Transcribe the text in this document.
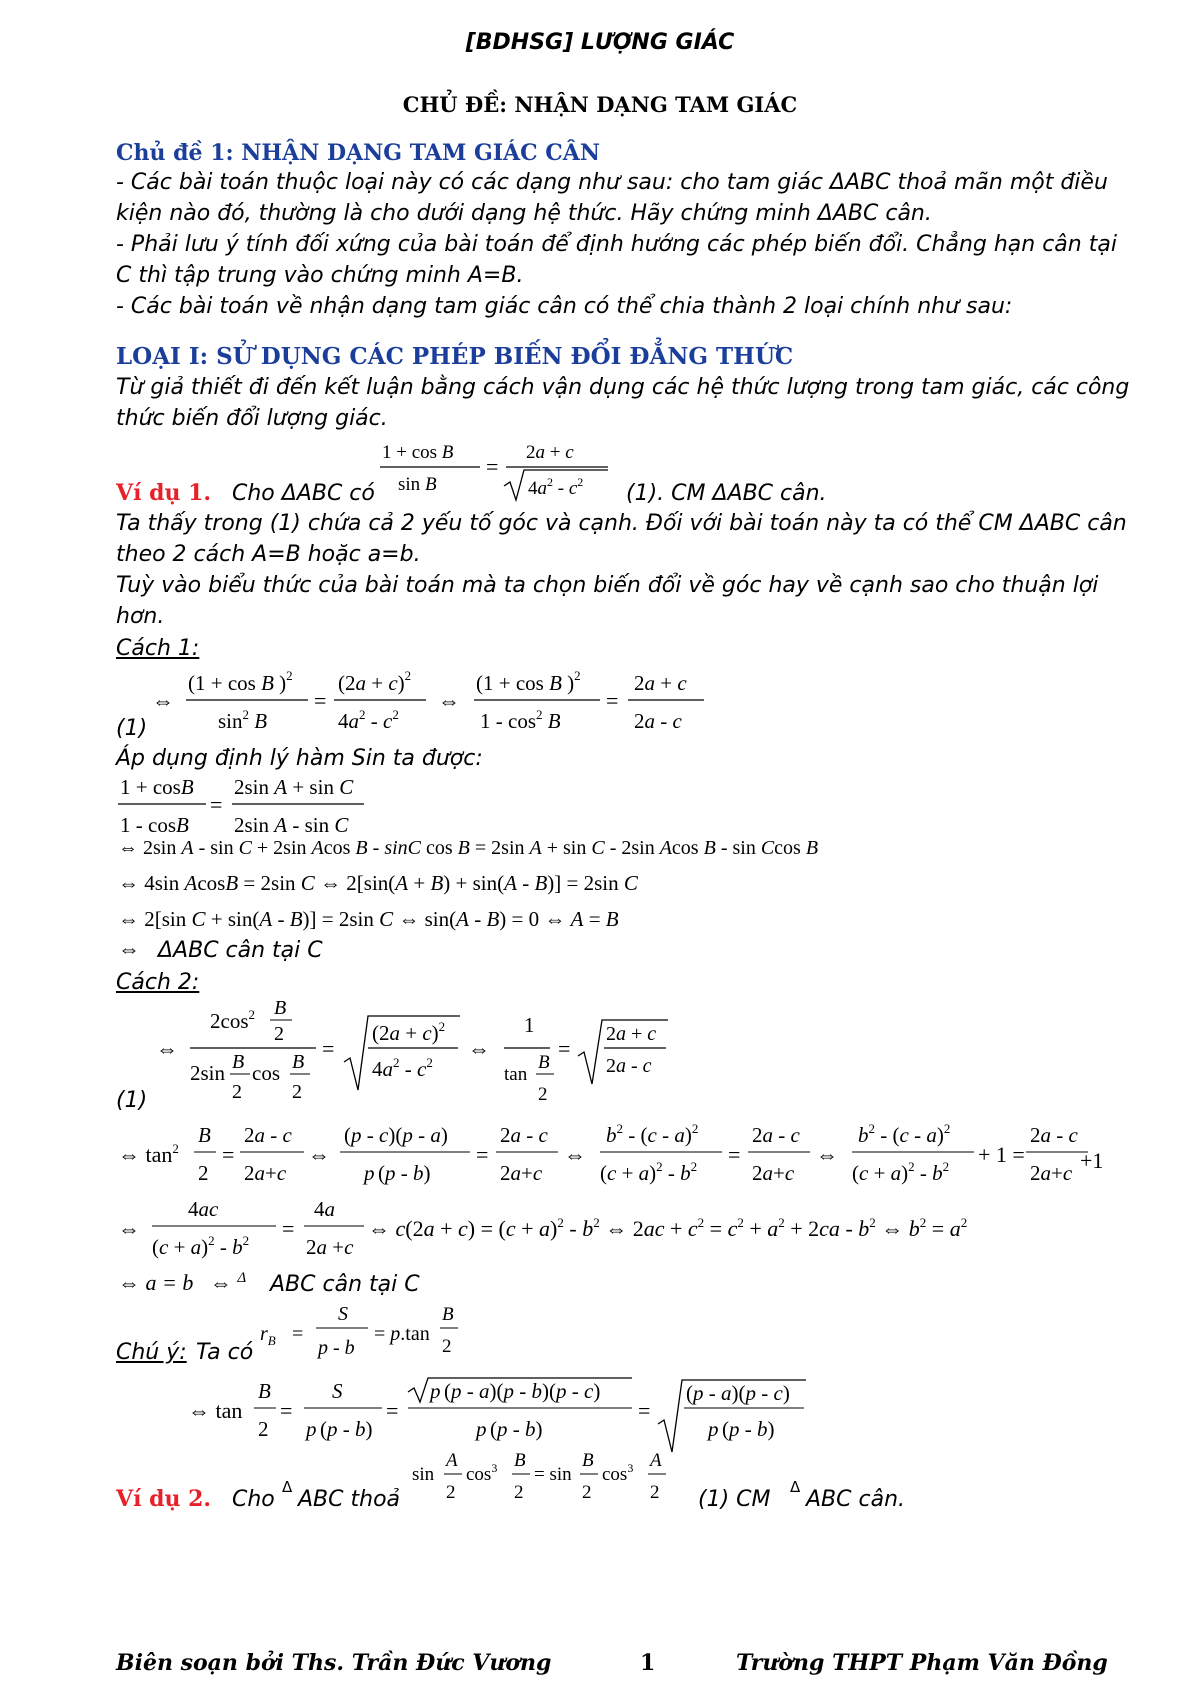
[BDHSG] LƯỢNG GIÁC
CHỦ ĐỀ: NHẬN DẠNG TAM GIÁC
Chủ đề 1: NHẬN DẠNG TAM GIÁC CÂN
- Các bài toán thuộc loại này có các dạng như sau: cho tam giác ΔABC thoả mãn một điều
kiện nào đó, thường là cho dưới dạng hệ thức. Hãy chứng minh ΔABC cân.
- Phải lưu ý tính đối xứng của bài toán để định hướng các phép biến đổi. Chẳng hạn cân tại
C thì tập trung vào chứng minh A=B.
- Các bài toán về nhận dạng tam giác cân có thể chia thành 2 loại chính như sau:
LOẠI I: SỬ DỤNG CÁC PHÉP BIẾN ĐỔI ĐẲNG THỨC
Từ giả thiết đi đến kết luận bằng cách vận dụng các hệ thức lượng trong tam giác, các công
thức biến đổi lượng giác.
1 + cos B
sin B
=
2a + c
$4a^2 - c^2$
Ví dụ 1. Cho ΔABC có	(1). CM ΔABC cân.
Ta thấy trong (1) chứa cả 2 yếu tố góc và cạnh. Đối với bài toán này ta có thể CM ΔABC cân
theo 2 cách A=B hoặc a=b.
Tuỳ vào biểu thức của bài toán mà ta chọn biến đổi về góc hay về cạnh sao cho thuận lợi
hơn.
Cách 1:
⇔
(1 + cos B )$^2$
$\sin^2 B$
=
$(2a + c)^2$
$4a^2 - c^2$
⇔
(1 + cos B )$^2$
$1 - \cos^2 B$
=
2a + c
2a - c
(1)
Áp dụng định lý hàm Sin ta được:
1 + cosB
1 - cosB
=
2sin A + sin C
2sin A - sin C
⇔ 2sin A - sin C + 2sin Acos B - sinC cos B = 2sin A + sin C - 2sin Acos B - sin Ccos B
⇔ 4sin AcosB = 2sin C ⇔ 2[sin(A + B) + sin(A - B)] = 2sin C
⇔ 2[sin C + sin(A - B)] = 2sin C ⇔ sin(A - B) = 0 ⇔ A = B
⇔ ΔABC cân tại C
Cách 2:
⇔
$2\cos^2$ B
2
2sin B
2
cos B
2
=
$(2a + c)^2$
$4a^2 - c^2$
⇔
1
tan
B
2
=
2a + c
2a - c
(1)
⇔ $\tan^2$
B
2
=
2a - c
2a+c
⇔
(p - c)(p - a)
p (p - b)
=
2a - c
2a+c
⇔
$b^2 - (c - a)^2$
$(c + a)^2 - b^2$ =
2a - c
2a+c
⇔
$b^2 - (c - a)^2$
$(c + a)^2 - b^2 + 1$ =
2a - c
2a+c +1
⇔
4ac
$(c + a)^2 - b^2$ =
4a
2a +c
⇔ $c(2a + c) = (c + a)^2 - b^2$ ⇔ $2ac + c^2 = c^2 + a^2 + 2ca - b^2$ ⇔ $b^2 = a^2$
⇔ a = b   ⇔ $^\Delta$ ABC cân tại C
$r_B$ =
S
p - b
= p.tan
B
2
Chú ý: Ta có
⇔ tan
B
2
=
S
p (p - b)
=
p (p - a)(p - b)(p - c)
p (p - b)
=
(p - a)(p - c)
p (p - b)
sin
A
2
$\cos^3 B$
2
= sin
B
2
$\cos^3 A$
2
Ví dụ 2. Cho Δ ABC thoả	(1) CM Δ ABC cân.
Biên soạn bởi Ths. Trần Đức Vương	1	Trường THPT Phạm Văn Đồng
